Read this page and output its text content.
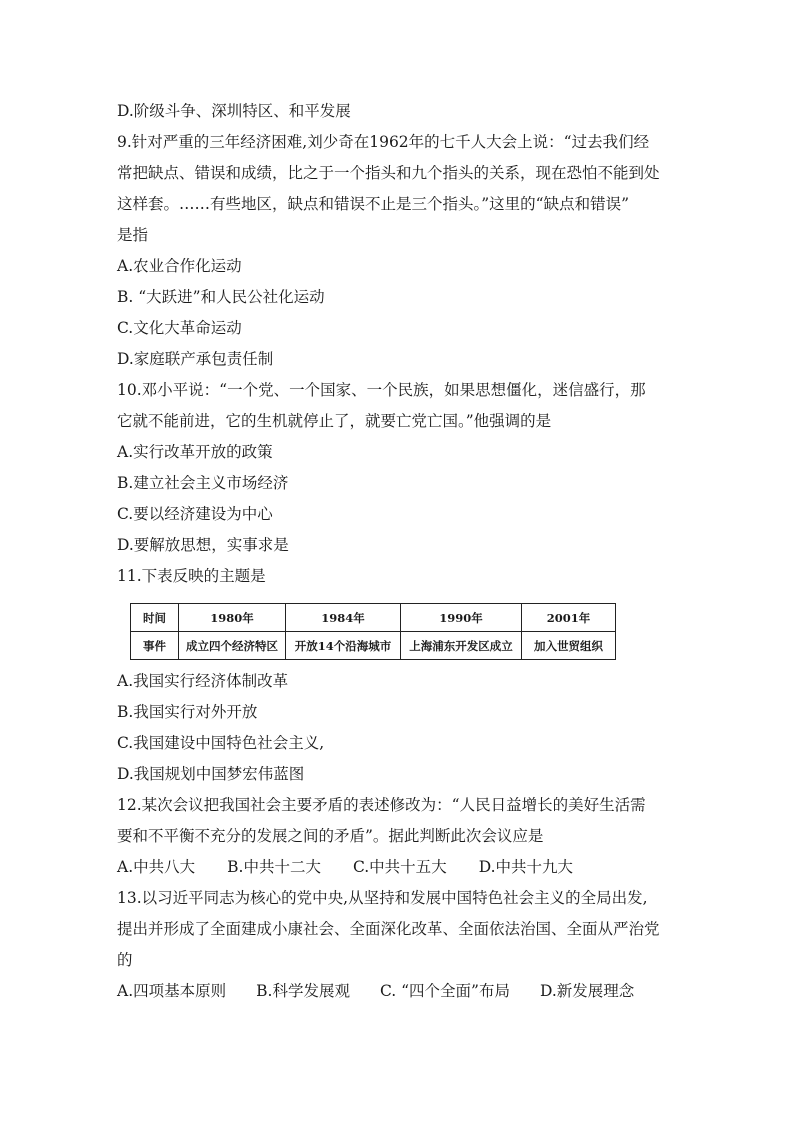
D.阶级斗争、深圳特区、和平发展
9.针对严重的三年经济困难,刘少奇在1962年的七千人大会上说：“过去我们经
常把缺点、错误和成绩，比之于一个指头和九个指头的关系，现在恐怕不能到处
这样套。……有些地区，缺点和错误不止是三个指头。”这里的“缺点和错误”
是指
A.农业合作化运动
B. “大跃进”和人民公社化运动
C.文化大革命运动
D.家庭联产承包责任制
10.邓小平说：“一个党、一个国家、一个民族，如果思想僵化，迷信盛行，那
它就不能前进，它的生机就停止了，就要亡党亡国。”他强调的是
A.实行改革开放的政策
B.建立社会主义市场经济
C.要以经济建设为中心
D.要解放思想，实事求是
11.下表反映的主题是
时间	1980年	1984年	1990年	2001年
事件	成立四个经济特区	开放14个沿海城市	上海浦东开发区成立	加入世贸组织
A.我国实行经济体制改革
B.我国实行对外开放
C.我国建设中国特色社会主义,
D.我国规划中国梦宏伟蓝图
12.某次会议把我国社会主要矛盾的表述修改为：“人民日益增长的美好生活需
要和不平衡不充分的发展之间的矛盾”。据此判断此次会议应是
A.中共八大 B.中共十二大 C.中共十五大 D.中共十九大
13.以习近平同志为核心的党中央,从坚持和发展中国特色社会主义的全局出发,
提出并形成了全面建成小康社会、全面深化改革、全面依法治国、全面从严治党
的
A.四项基本原则 B.科学发展观 C. “四个全面”布局 D.新发展理念
